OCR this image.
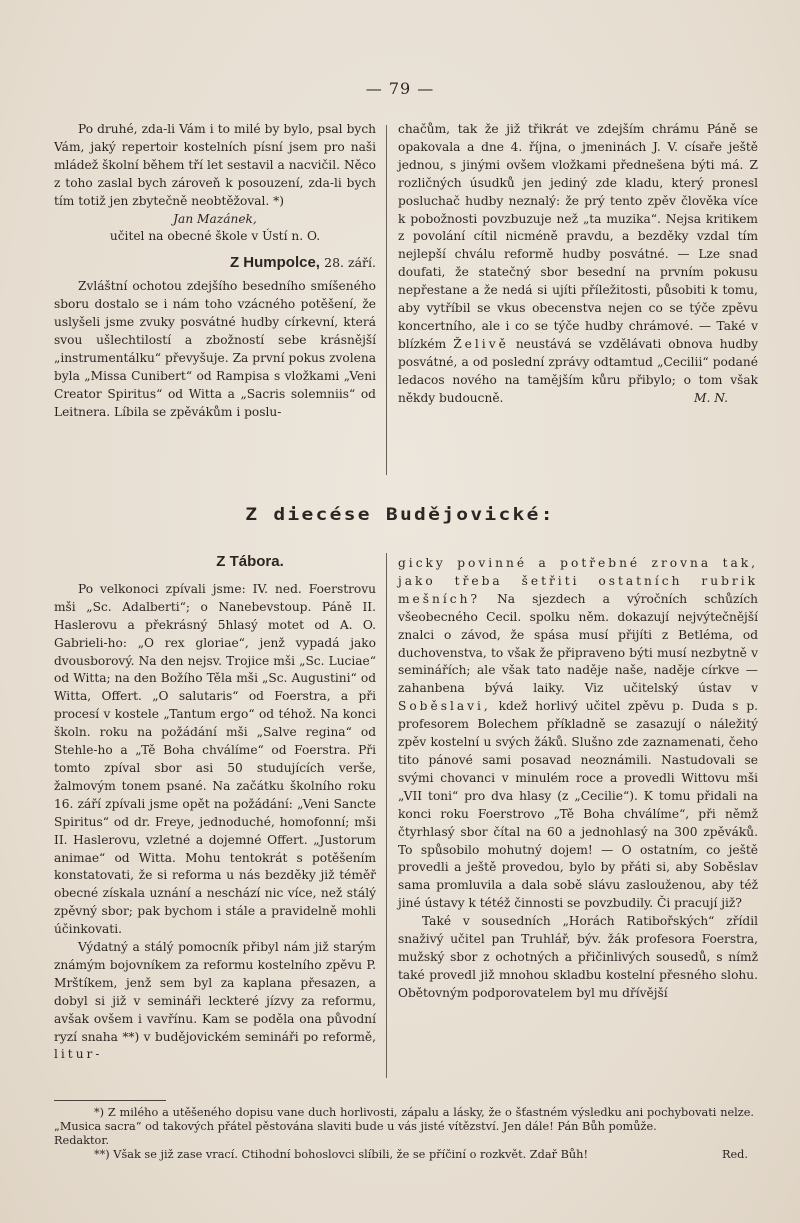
— 79 —

Po druhé, zda-li Vám i to milé by bylo, psal bych Vám, jaký repertoir kostelních písní jsem pro naši mládež školní během tří let sestavil a nacvičil. Něco z toho zaslal bych zároveň k posouzení, zda-li bych tím totiž jen zbytečně neobtěžoval. *)

Jan Mazánek,

učitel na obecné škole v Ústí n. O.

Z Humpolce, 28. září.

Zvláštní ochotou zdejšího besedního smíšeného sboru dostalo se i nám toho vzácného potěšení, že uslyšeli jsme zvuky posvátné hudby církevní, která svou ušlechtilostí a zbožností sebe krásnější „instrumentálku“ převyšuje. Za první pokus zvolena byla „Missa Cunibert“ od Rampisa s vložkami „Veni Creator Spiritus“ od Witta a „Sacris solemniis“ od Leitnera. Líbila se zpěvákům i poslu-

chačům, tak že již třikrát ve zdejším chrámu Páně se opakovala a dne 4. října, o jmeninách J. V. císaře ještě jednou, s jinými ovšem vložkami přednešena býti má. Z rozličných úsudků jen jediný zde kladu, který pronesl posluchač hudby neznalý: že prý tento zpěv člověka více k pobožnosti povzbuzuje než „ta muzika“. Nejsa kritikem z povolání cítil nicméně pravdu, a bezděky vzdal tím nejlepší chválu reformě hudby posvátné. — Lze snad doufati, že statečný sbor besední na prvním pokusu nepřestane a že nedá si ujíti příležitosti, působiti k tomu, aby vytříbil se vkus obecenstva nejen co se týče zpěvu koncertního, ale i co se týče hudby chrámové. — Také v blízkém Želivě neustává se vzdělávati obnova hudby posvátné, a od poslední zprávy odtamtud „Cecilii“ podané ledacos nového na tamějším kůru přibylo; o tom však někdy budoucně.	M. N.

Z diecése Budějovické:
Z Tábora.

Po velkonoci zpívali jsme: IV. ned. Foerstrovu mši „Sc. Adalberti“; o Nanebevstoup. Páně II. Haslerovu a překrásný 5hlasý motet od A. O. Gabrieli-ho: „O rex gloriae“, jenž vypadá jako dvousborový. Na den nejsv. Trojice mši „Sc. Luciae“ od Witta; na den Božího Těla mši „Sc. Augustini“ od Witta, Offert. „O salutaris“ od Foerstra, a při procesí v kostele „Tantum ergo“ od téhož. Na konci školn. roku na požádání mši „Salve regina“ od Stehle-ho a „Tě Boha chválíme“ od Foerstra. Při tomto zpíval sbor asi 50 studujících verše, žalmovým tonem psané. Na začátku školního roku 16. září zpívali jsme opět na požádání: „Veni Sancte Spiritus“ od dr. Freye, jednoduché, homofonní; mši II. Haslerovu, vzletné a dojemné Offert. „Justorum animae“ od Witta. Mohu tentokrát s potěšením konstatovati, že si reforma u nás bezděky již téměř obecné získala uznání a neschází nic více, než stálý zpěvný sbor; pak bychom i stále a pravidelně mohli účinkovati.

Výdatný a stálý pomocník přibyl nám již starým známým bojovníkem za reformu kostelního zpěvu P. Mrštíkem, jenž sem byl za kaplana přesazen, a dobyl si již v semináři leckteré jízvy za reformu, avšak ovšem i vavřínu. Kam se poděla ona původní ryzí snaha **) v budějovickém semináři po reformě, litur-

gicky povinné a potřebné zrovna tak, jako třeba šetřiti ostatních rubrik mešních? Na sjezdech a výročních schůzích všeobecného Cecil. spolku něm. dokazují nejvýtečnější znalci o závod, že spása musí přijíti z Betléma, od duchovenstva, to však že připraveno býti musí nezbytně v seminářích; ale však tato naděje naše, naděje církve — zahanbena bývá laiky. Viz učitelský ústav v Soběslavi, kdež horlivý učitel zpěvu p. Duda s p. profesorem Bolechem příkladně se zasazují o náležitý zpěv kostelní u svých žáků. Slušno zde zaznamenati, čeho tito pánové sami posavad neoznámili. Nastudovali se svými chovanci v minulém roce a provedli Wittovu mši „VII toni“ pro dva hlasy (z „Cecilie“). K tomu přidali na konci roku Foerstrovo „Tě Boha chválíme“, při němž čtyrhlasý sbor čítal na 60 a jednohlasý na 300 zpěváků. To spůsobilo mohutný dojem! — O ostatním, co ještě provedli a ještě provedou, bylo by přáti si, aby Soběslav sama promluvila a dala sobě slávu zaslouženou, aby též jiné ústavy k tétéž činnosti se povzbudily. Či pracují již?

Také v sousedních „Horách Ratibořských“ zřídil snaživý učitel pan Truhlář, býv. žák profesora Foerstra, mužský sbor z ochotných a přičinlivých sousedů, s nímž také provedl již mnohou skladbu kostelní přesného slohu. Obětovným podporovatelem byl mu dřívější

*) Z milého a utěšeného dopisu vane duch horlivosti, zápalu a lásky, že o šťastném výsledku ani pochybovati nelze. „Musica sacra“ od takových přátel pěstována slaviti bude u vás jisté vítězství. Jen dále! Pán Bůh pomůže.

Redaktor.

**) Však se již zase vrací. Ctihodní bohoslovci slíbili, že se příčiní o rozkvět. Zdař Bůh!	Red.
